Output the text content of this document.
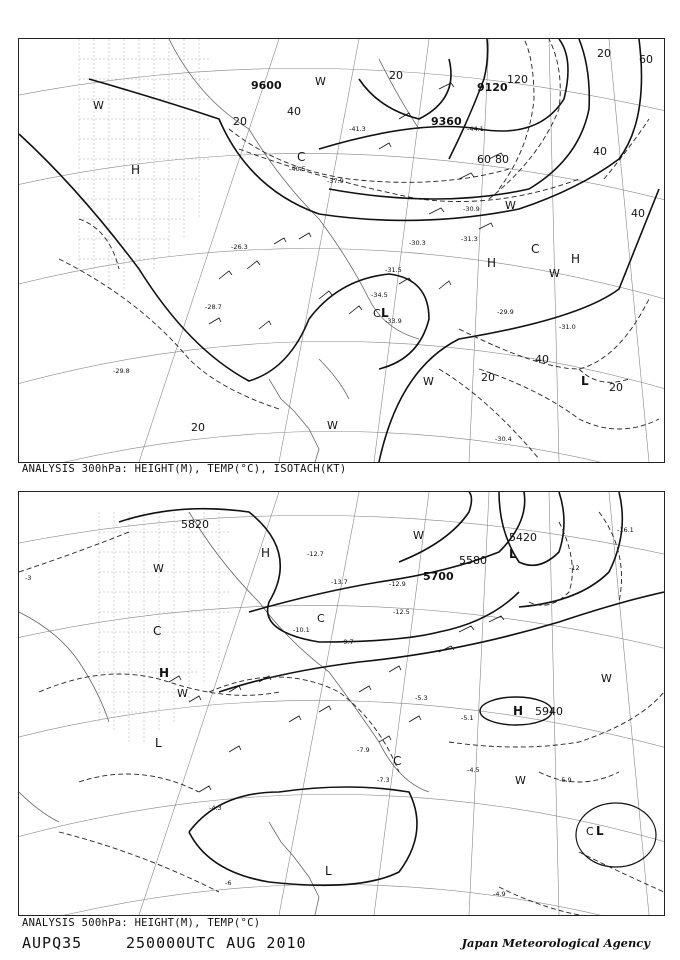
9600	9120
9360
H
H	H
L
L
C
C
C
W
W
W
W
W
W
20
40
60 80
120
40
20
20
20
40
60
40
20
20
-29.9
-30.4
-31.0
-26.3
-28.7
-29.8
-33.9
-34.5
-30.9
-31.5
-37.9
-40.5
-41.3	-44.1
-31.3
-30.3
ANALYSIS 300hPa: HEIGHT(M), TEMP(°C), ISOTACH(KT)
5820
5700
5580
5420
5940
H
H
H
L
L
L
L
C
C
C
C
W
W
W
W
W
-12.7
-13.7	-12.9
-12.5
-10.1
-9.7
-5.3
-5.1
-4.5
-4.9
-5.9
-4.3
-6
-3
-12
-16.1
-7.3
-7.9
ANALYSIS 500hPa: HEIGHT(M), TEMP(°C)
AUPQ35	250000UTC AUG 2010	Japan Meteorological Agency
